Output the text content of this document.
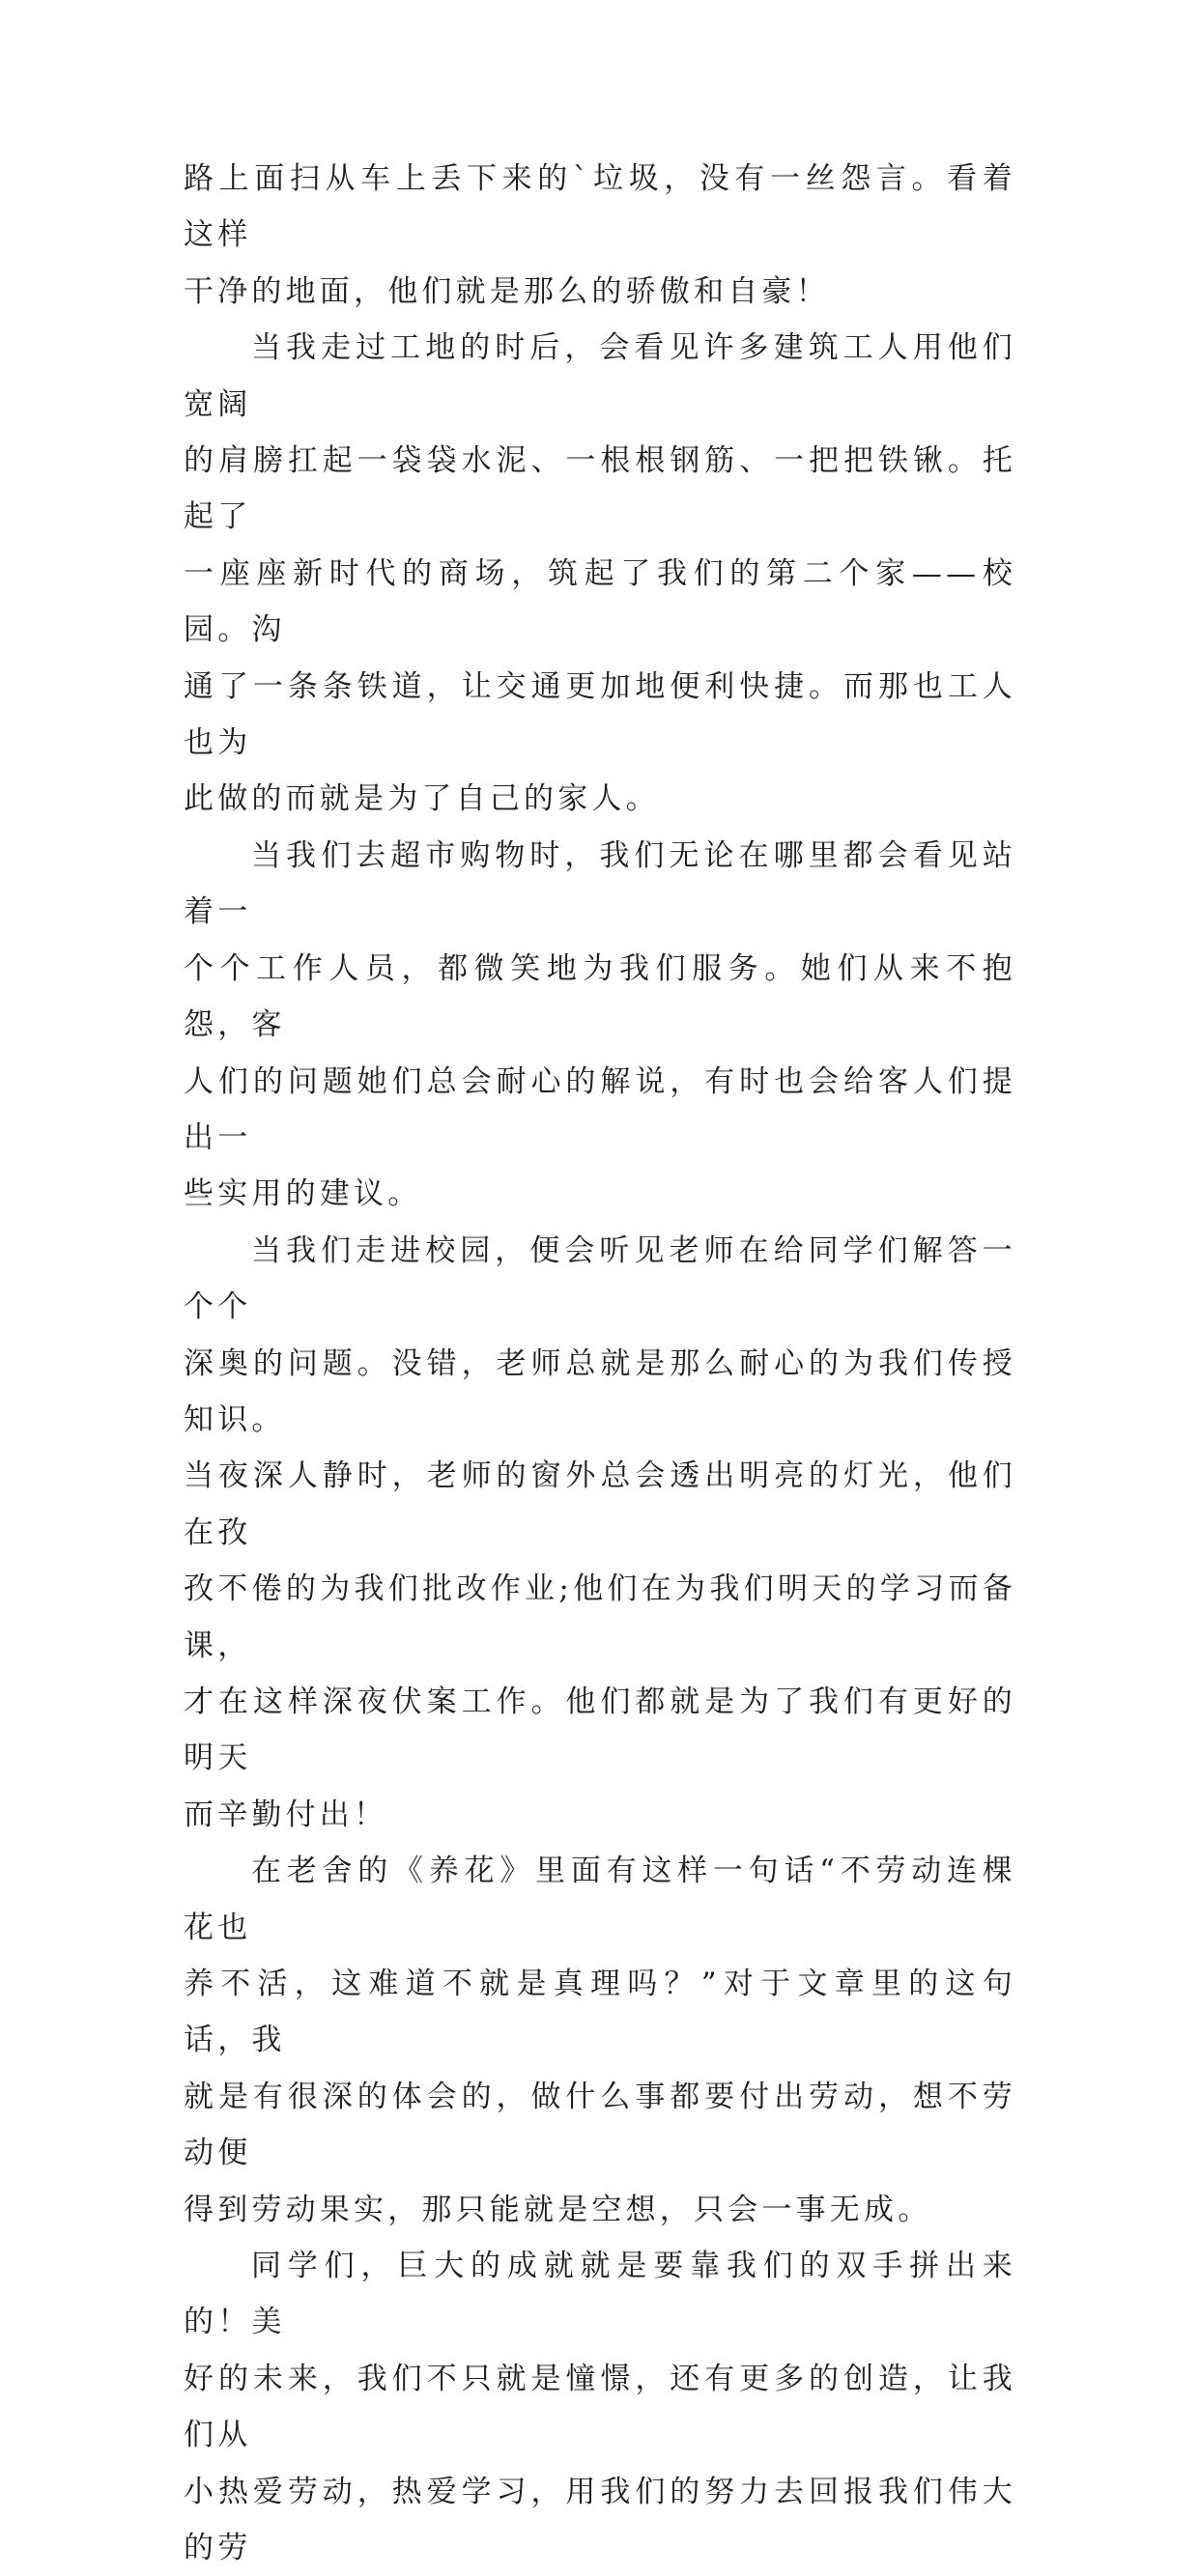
路上面扫从车上丢下来的`垃圾，没有一丝怨言。看着这样
干净的地面，他们就是那么的骄傲和自豪！

当我走过工地的时后，会看见许多建筑工人用他们宽阔
的肩膀扛起一袋袋水泥、一根根钢筋、一把把铁锹。托起了
一座座新时代的商场，筑起了我们的第二个家——校园。沟
通了一条条铁道，让交通更加地便利快捷。而那也工人也为
此做的而就是为了自己的家人。

当我们去超市购物时，我们无论在哪里都会看见站着一
个个工作人员，都微笑地为我们服务。她们从来不抱怨，客
人们的问题她们总会耐心的解说，有时也会给客人们提出一
些实用的建议。

当我们走进校园，便会听见老师在给同学们解答一个个
深奥的问题。没错，老师总就是那么耐心的为我们传授知识。
当夜深人静时，老师的窗外总会透出明亮的灯光，他们在孜
孜不倦的为我们批改作业;他们在为我们明天的学习而备课，
才在这样深夜伏案工作。他们都就是为了我们有更好的明天
而辛勤付出！

在老舍的《养花》里面有这样一句话“不劳动连棵花也
养不活，这难道不就是真理吗？”对于文章里的这句话，我
就是有很深的体会的，做什么事都要付出劳动，想不劳动便
得到劳动果实，那只能就是空想，只会一事无成。

同学们，巨大的成就就是要靠我们的双手拼出来的！美
好的未来，我们不只就是憧憬，还有更多的创造，让我们从
小热爱劳动，热爱学习，用我们的努力去回报我们伟大的劳
